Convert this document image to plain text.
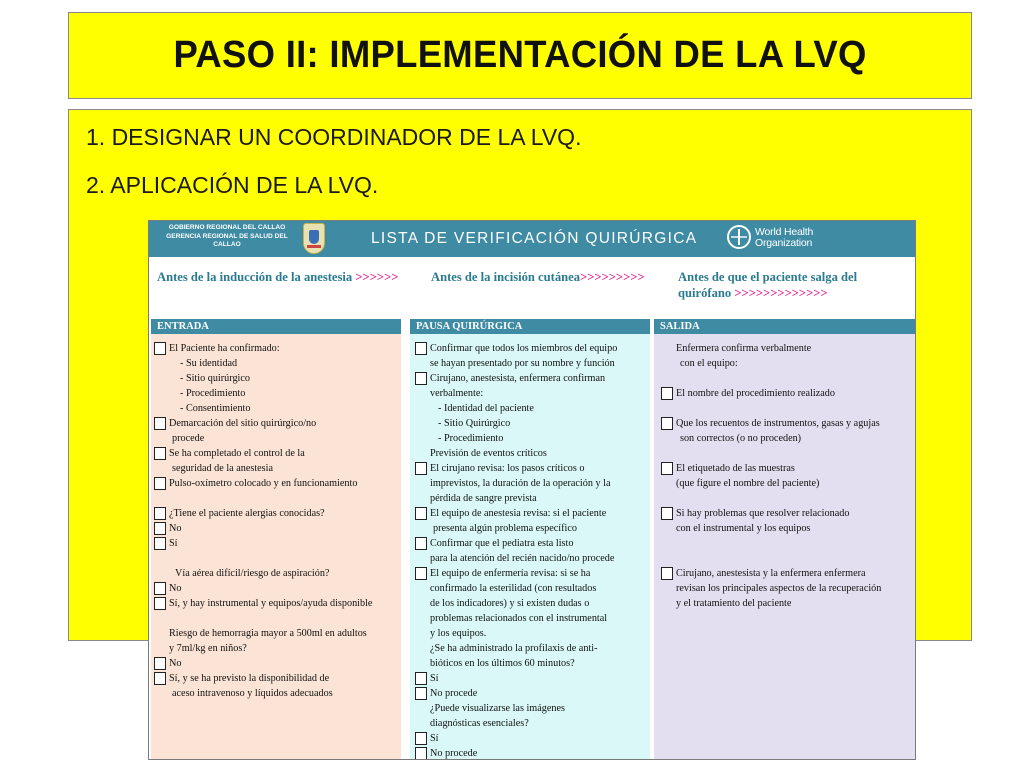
PASO II: IMPLEMENTACIÓN DE LA LVQ
1. DESIGNAR UN COORDINADOR DE LA LVQ.
2. APLICACIÓN DE LA LVQ.
GOBIERNO REGIONAL DEL CALLAO
GERENCIA REGIONAL DE SALUD DEL
CALLAO	LISTA DE VERIFICACIÓN QUIRÚRGICA	World Health
Organization
Antes de la inducción de la anestesia >>>>>>	Antes de la incisión cutánea>>>>>>>>>	Antes de que el paciente salga del
quirófano >>>>>>>>>>>>>
ENTRADA
El Paciente ha confirmado:
- Su identidad
- Sitio quirúrgico
- Procedimiento
- Consentimiento
Demarcación del sitio quirúrgico/no
procede
Se ha completado el control de la
seguridad de la anestesia
Pulso-oxímetro colocado y en funcionamiento
¿Tiene el paciente alergias conocidas?
No
Sí
Vía aérea difícil/riesgo de aspiración?
No
Sí, y hay instrumental y equipos/ayuda disponible
Riesgo de hemorragia mayor a 500ml en adultos
y 7ml/kg en niños?
No
Sí, y se ha previsto la disponibilidad de
aceso intravenoso y líquidos adecuados
PAUSA QUIRÚRGICA
Confirmar que todos los miembros del equipo
se hayan presentado por su nombre y función
Cirujano, anestesista, enfermera confirman
verbalmente:
- Identidad del paciente
- Sitio Quirúrgico
- Procedimiento
Previsión de eventos críticos
El cirujano revisa: los pasos críticos o
imprevistos, la duración de la operación y la
pérdida de sangre prevista
El equipo de anestesia revisa: si el paciente
presenta algún problema específico
Confirmar que el pediatra esta listo
para la atención del recién nacido/no procede
El equipo de enfermería revisa: si se ha
confirmado la esterilidad (con resultados
de los indicadores) y si existen dudas o
problemas relacionados con el instrumental
y los equipos.
¿Se ha administrado la profilaxis de anti-
bióticos en los últimos 60 minutos?
Sí
No procede
¿Puede visualizarse las imágenes
diagnósticas esenciales?
Sí
No procede
SALIDA
Enfermera confirma verbalmente
con el equipo:
El nombre del procedimiento realizado
Que los recuentos de instrumentos, gasas y agujas
son correctos (o no proceden)
El etiquetado de las muestras
(que figure el nombre del paciente)
Si hay problemas que resolver relacionado
con el instrumental y los equipos
Cirujano, anestesista y la enfermera enfermera
revisan los principales aspectos de la recuperación
y el tratamiento del paciente
